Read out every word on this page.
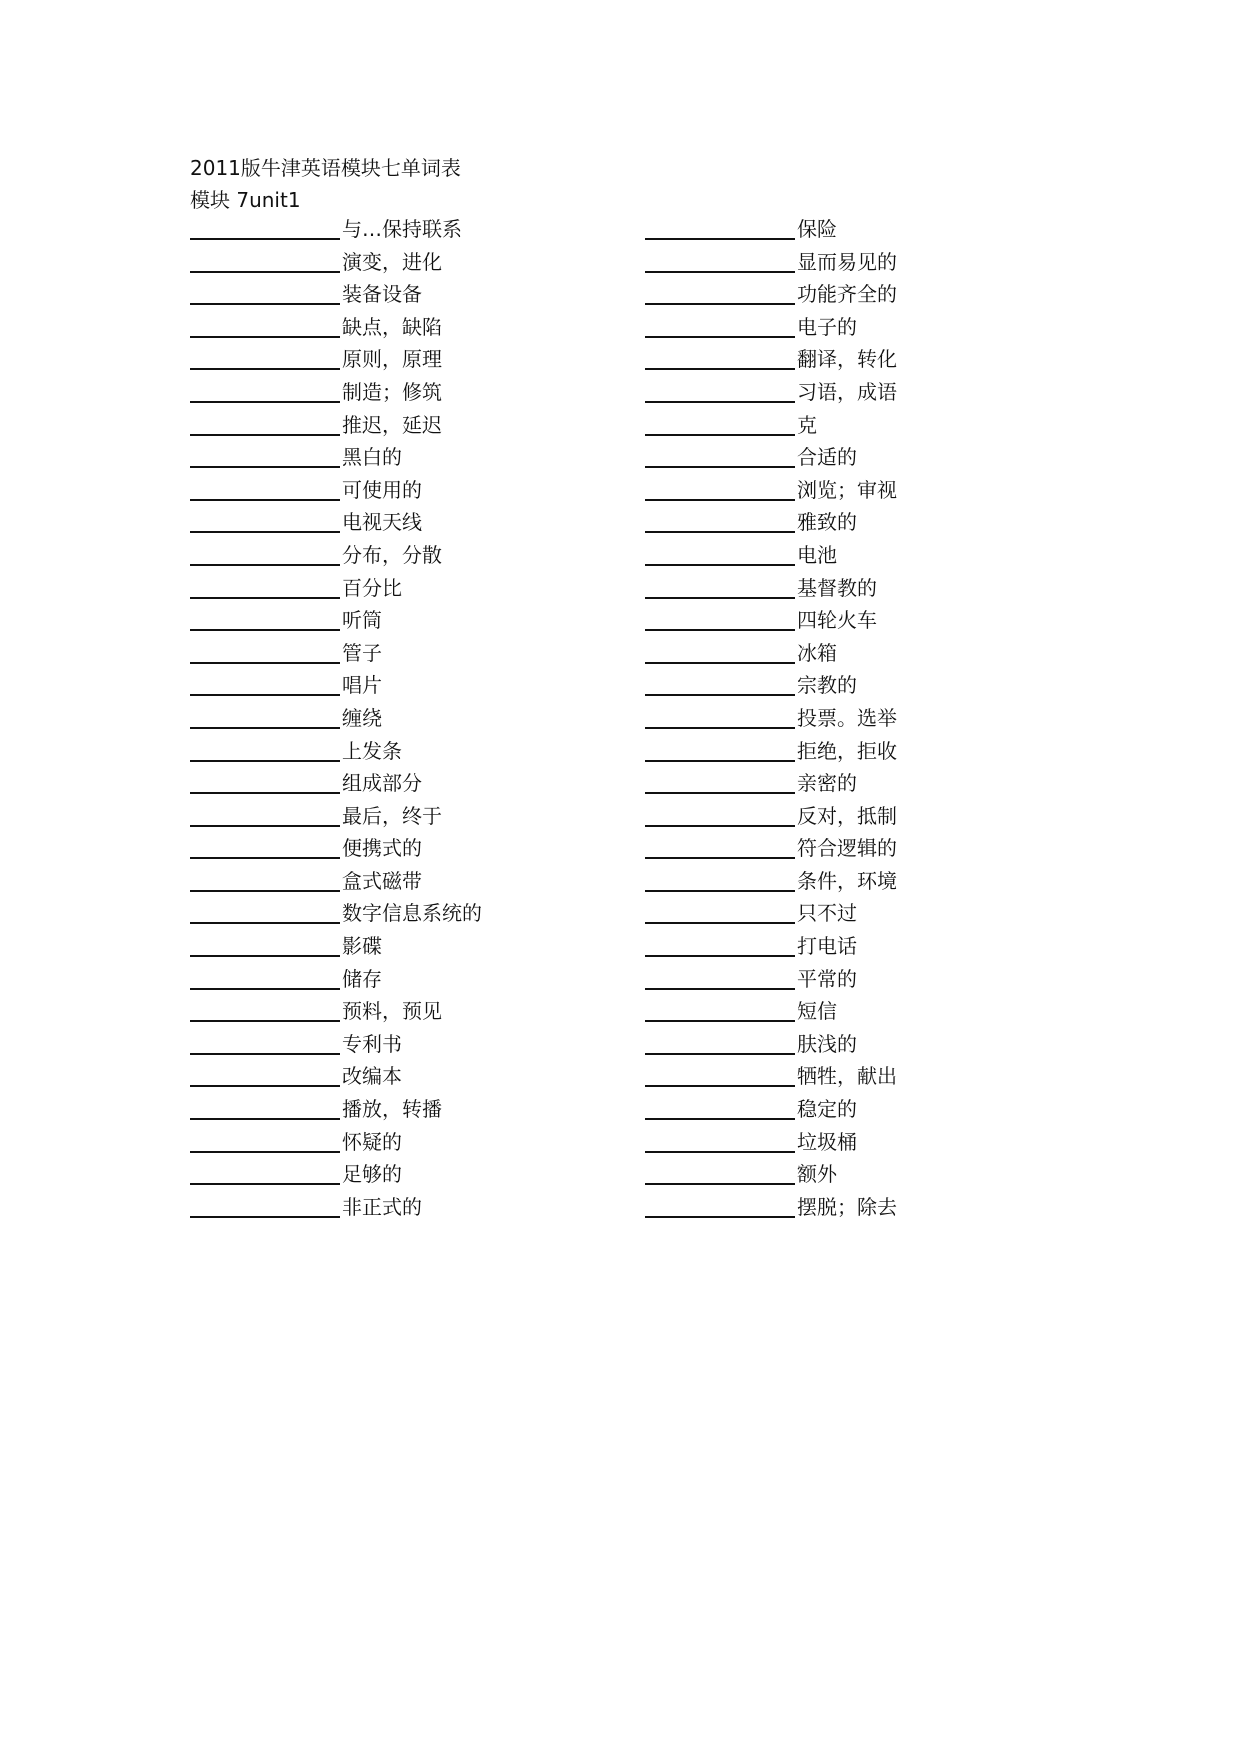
2011版牛津英语模块七单词表
模块 7unit1
与…保持联系
演变，进化
装备设备
缺点，缺陷
原则，原理
制造；修筑
推迟，延迟
黑白的
可使用的
电视天线
分布，分散
百分比
听筒
管子
唱片
缠绕
上发条
组成部分
最后，终于
便携式的
盒式磁带
数字信息系统的
影碟
储存
预料，预见
专利书
改编本
播放，转播
怀疑的
足够的
非正式的
保险
显而易见的
功能齐全的
电子的
翻译，转化
习语，成语
克
合适的
浏览；审视
雅致的
电池
基督教的
四轮火车
冰箱
宗教的
投票。选举
拒绝，拒收
亲密的
反对，抵制
符合逻辑的
条件，环境
只不过
打电话
平常的
短信
肤浅的
牺牲，献出
稳定的
垃圾桶
额外
摆脱；除去
